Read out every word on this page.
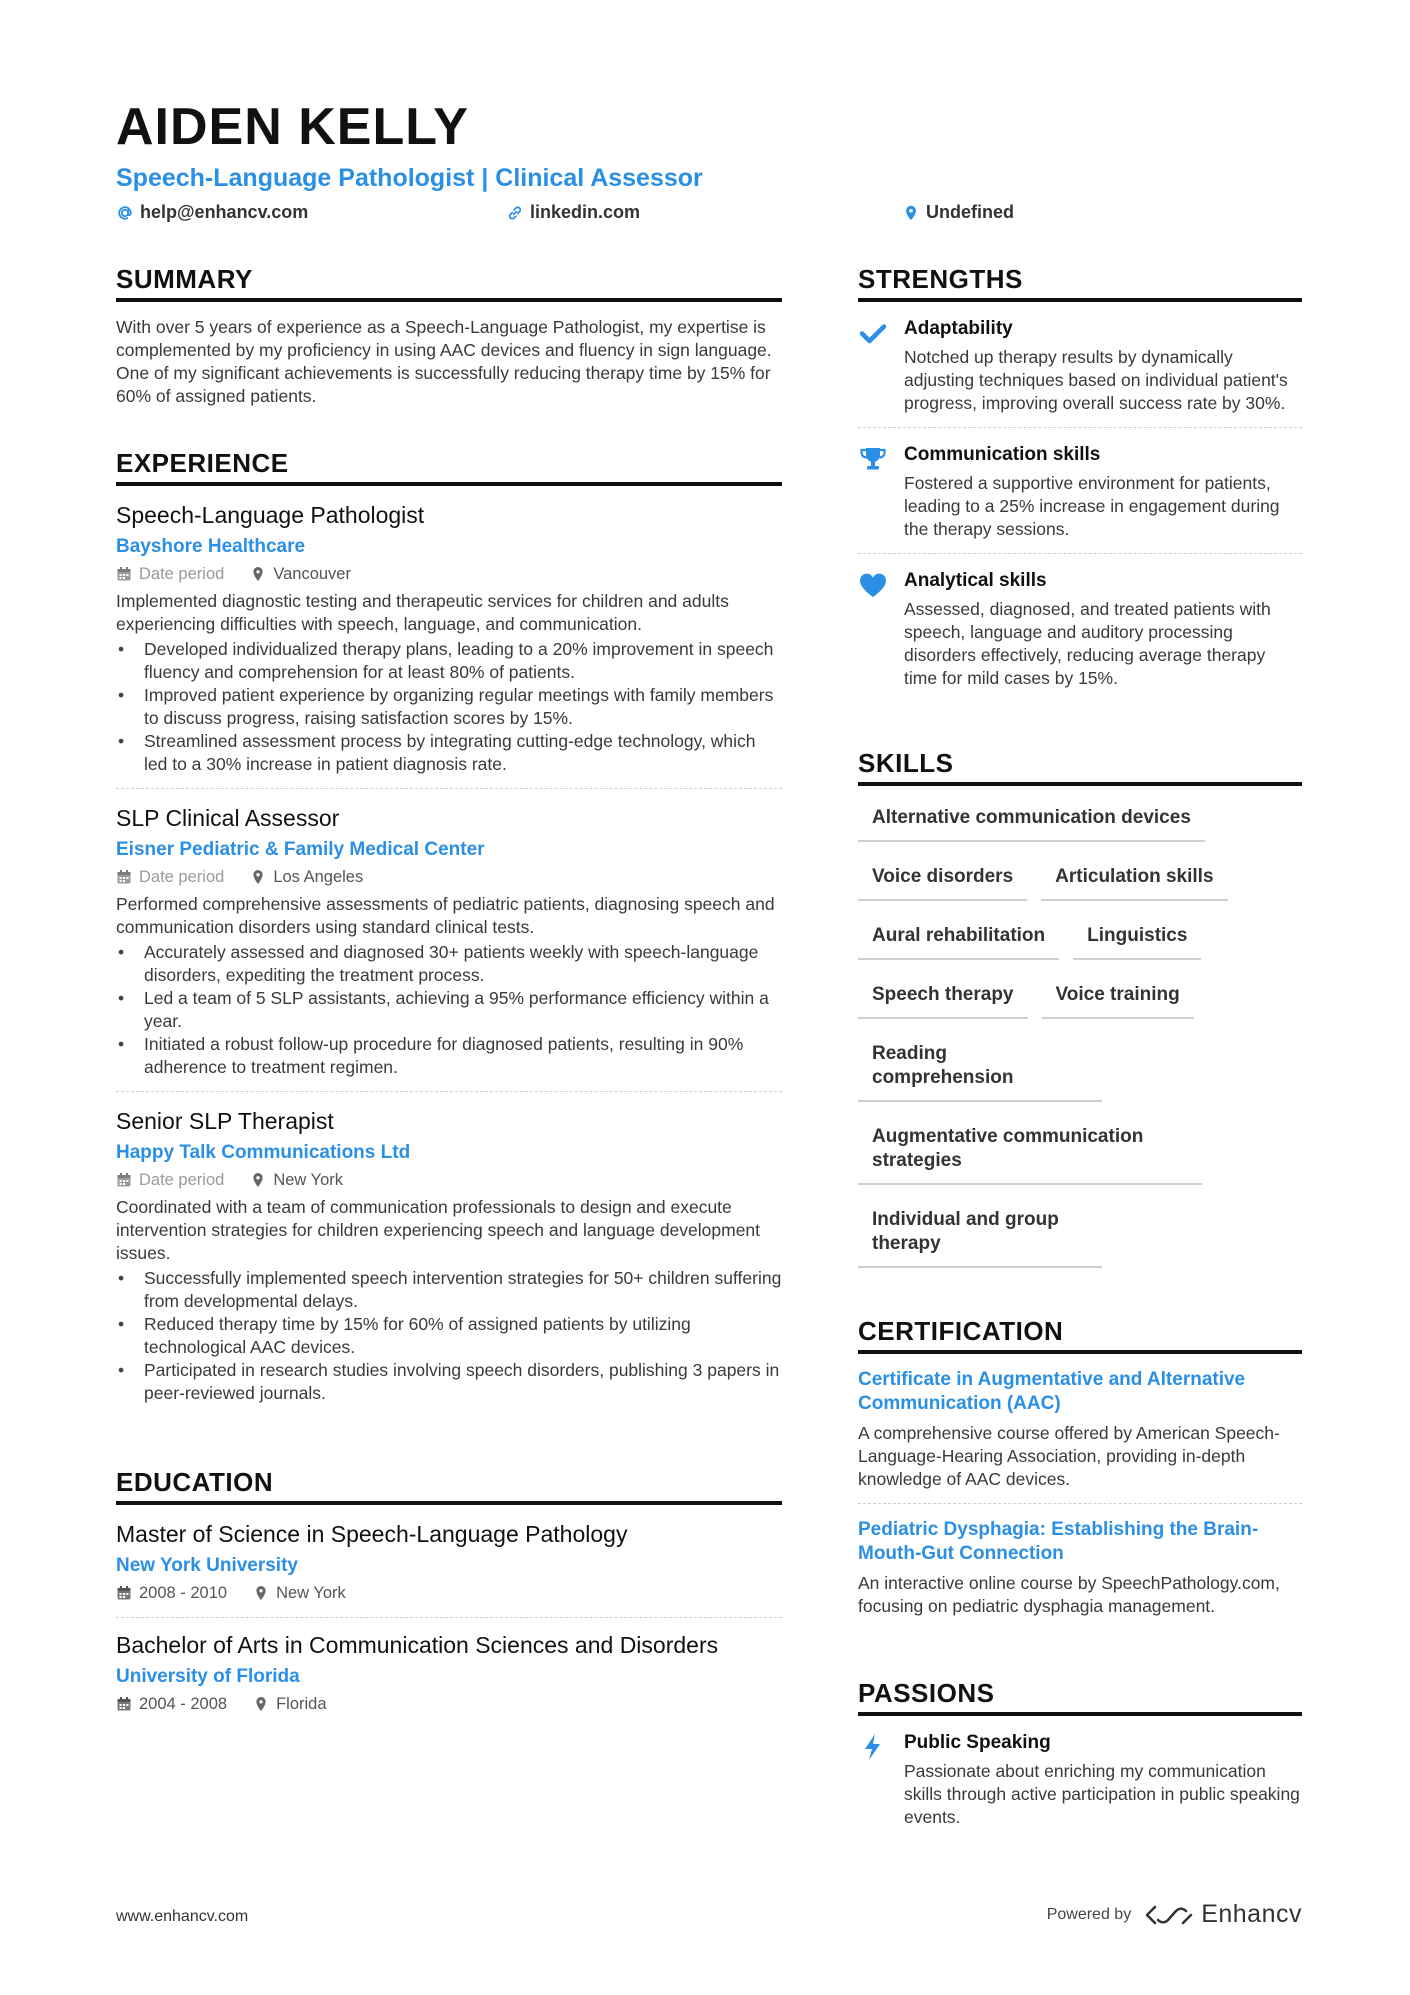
AIDEN KELLY
Speech-Language Pathologist | Clinical Assessor
help@enhancv.com	linkedin.com	Undefined
SUMMARY
With over 5 years of experience as a Speech-Language Pathologist, my expertise is complemented by my proficiency in using AAC devices and fluency in sign language. One of my significant achievements is successfully reducing therapy time by 15% for 60% of assigned patients.
EXPERIENCE
Speech-Language Pathologist
Bayshore Healthcare
Date period	Vancouver
Implemented diagnostic testing and therapeutic services for children and adults experiencing difficulties with speech, language, and communication.
• Developed individualized therapy plans, leading to a 20% improvement in speech fluency and comprehension for at least 80% of patients.
• Improved patient experience by organizing regular meetings with family members to discuss progress, raising satisfaction scores by 15%.
• Streamlined assessment process by integrating cutting-edge technology, which led to a 30% increase in patient diagnosis rate.
SLP Clinical Assessor
Eisner Pediatric & Family Medical Center
Date period	Los Angeles
Performed comprehensive assessments of pediatric patients, diagnosing speech and communication disorders using standard clinical tests.
• Accurately assessed and diagnosed 30+ patients weekly with speech-language disorders, expediting the treatment process.
• Led a team of 5 SLP assistants, achieving a 95% performance efficiency within a year.
• Initiated a robust follow-up procedure for diagnosed patients, resulting in 90% adherence to treatment regimen.
Senior SLP Therapist
Happy Talk Communications Ltd
Date period	New York
Coordinated with a team of communication professionals to design and execute intervention strategies for children experiencing speech and language development issues.
• Successfully implemented speech intervention strategies for 50+ children suffering from developmental delays.
• Reduced therapy time by 15% for 60% of assigned patients by utilizing technological AAC devices.
• Participated in research studies involving speech disorders, publishing 3 papers in peer-reviewed journals.
EDUCATION
Master of Science in Speech-Language Pathology
New York University
2008 - 2010	New York
Bachelor of Arts in Communication Sciences and Disorders
University of Florida
2004 - 2008	Florida
STRENGTHS
Adaptability
Notched up therapy results by dynamically adjusting techniques based on individual patient's progress, improving overall success rate by 30%.
Communication skills
Fostered a supportive environment for patients, leading to a 25% increase in engagement during the therapy sessions.
Analytical skills
Assessed, diagnosed, and treated patients with speech, language and auditory processing disorders effectively, reducing average therapy time for mild cases by 15%.
SKILLS
Alternative communication devices
Voice disorders	Articulation skills
Aural rehabilitation	Linguistics
Speech therapy	Voice training
Reading comprehension
Augmentative communication strategies
Individual and group therapy
CERTIFICATION
Certificate in Augmentative and Alternative Communication (AAC)
A comprehensive course offered by American Speech-Language-Hearing Association, providing in-depth knowledge of AAC devices.
Pediatric Dysphagia: Establishing the Brain-Mouth-Gut Connection
An interactive online course by SpeechPathology.com, focusing on pediatric dysphagia management.
PASSIONS
Public Speaking
Passionate about enriching my communication skills through active participation in public speaking events.
www.enhancv.com	Powered by	Enhancv
